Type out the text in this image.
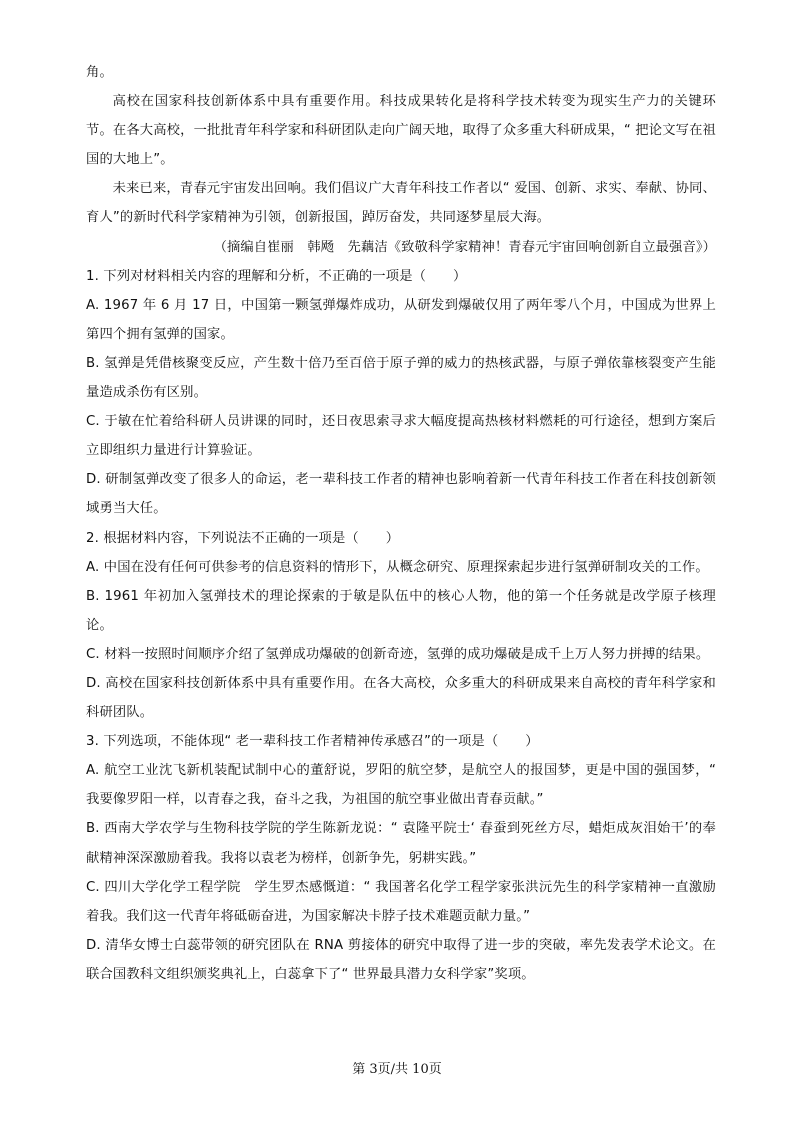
角。

高校在国家科技创新体系中具有重要作用。科技成果转化是将科学技术转变为现实生产力的关键环节。在各大高校，一批批青年科学家和科研团队走向广阔天地，取得了众多重大科研成果，“ 把论文写在祖国的大地上”。

未来已来，青春元宇宙发出回响。我们倡议广大青年科技工作者以“ 爱国、创新、求实、奉献、协同、育人”的新时代科学家精神为引领，创新报国，踔厉奋发，共同逐梦星辰大海。

（摘编自崔丽　韩飏　先藕洁《致敬科学家精神！青春元宇宙回响创新自立最强音》）

1. 下列对材料相关内容的理解和分析，不正确的一项是（　　）

A. 1967 年 6 月 17 日，中国第一颗氢弹爆炸成功，从研发到爆破仅用了两年零八个月，中国成为世界上第四个拥有氢弹的国家。

B. 氢弹是凭借核聚变反应，产生数十倍乃至百倍于原子弹的威力的热核武器，与原子弹依靠核裂变产生能量造成杀伤有区别。

C. 于敏在忙着给科研人员讲课的同时，还日夜思索寻求大幅度提高热核材料燃耗的可行途径，想到方案后立即组织力量进行计算验证。

D. 研制氢弹改变了很多人的命运，老一辈科技工作者的精神也影响着新一代青年科技工作者在科技创新领域勇当大任。

2. 根据材料内容，下列说法不正确的一项是（　　）

A. 中国在没有任何可供参考的信息资料的情形下，从概念研究、原理探索起步进行氢弹研制攻关的工作。

B. 1961 年初加入氢弹技术的理论探索的于敏是队伍中的核心人物，他的第一个任务就是改学原子核理论。

C. 材料一按照时间顺序介绍了氢弹成功爆破的创新奇迹，氢弹的成功爆破是成千上万人努力拼搏的结果。

D. 高校在国家科技创新体系中具有重要作用。在各大高校，众多重大的科研成果来自高校的青年科学家和科研团队。

3. 下列选项，不能体现“ 老一辈科技工作者精神传承感召”的一项是（　　）

A. 航空工业沈飞新机装配试制中心的董舒说，罗阳的航空梦，是航空人的报国梦，更是中国的强国梦，“ 我要像罗阳一样，以青春之我，奋斗之我，为祖国的航空事业做出青春贡献。”

B. 西南大学农学与生物科技学院的学生陈新龙说：“ 袁隆平院士‘ 春蚕到死丝方尽，蜡炬成灰泪始干’的奉献精神深深激励着我。我将以袁老为榜样，创新争先，躬耕实践。”

C. 四川大学化学工程学院　学生罗杰感慨道：“ 我国著名化学工程学家张洪沅先生的科学家精神一直激励着我。我们这一代青年将砥砺奋进，为国家解决卡脖子技术难题贡献力量。”

D. 清华女博士白蕊带领的研究团队在 RNA 剪接体的研究中取得了进一步的突破，率先发表学术论文。在联合国教科文组织颁奖典礼上，白蕊拿下了“ 世界最具潜力女科学家”奖项。

第 3页/共 10页
